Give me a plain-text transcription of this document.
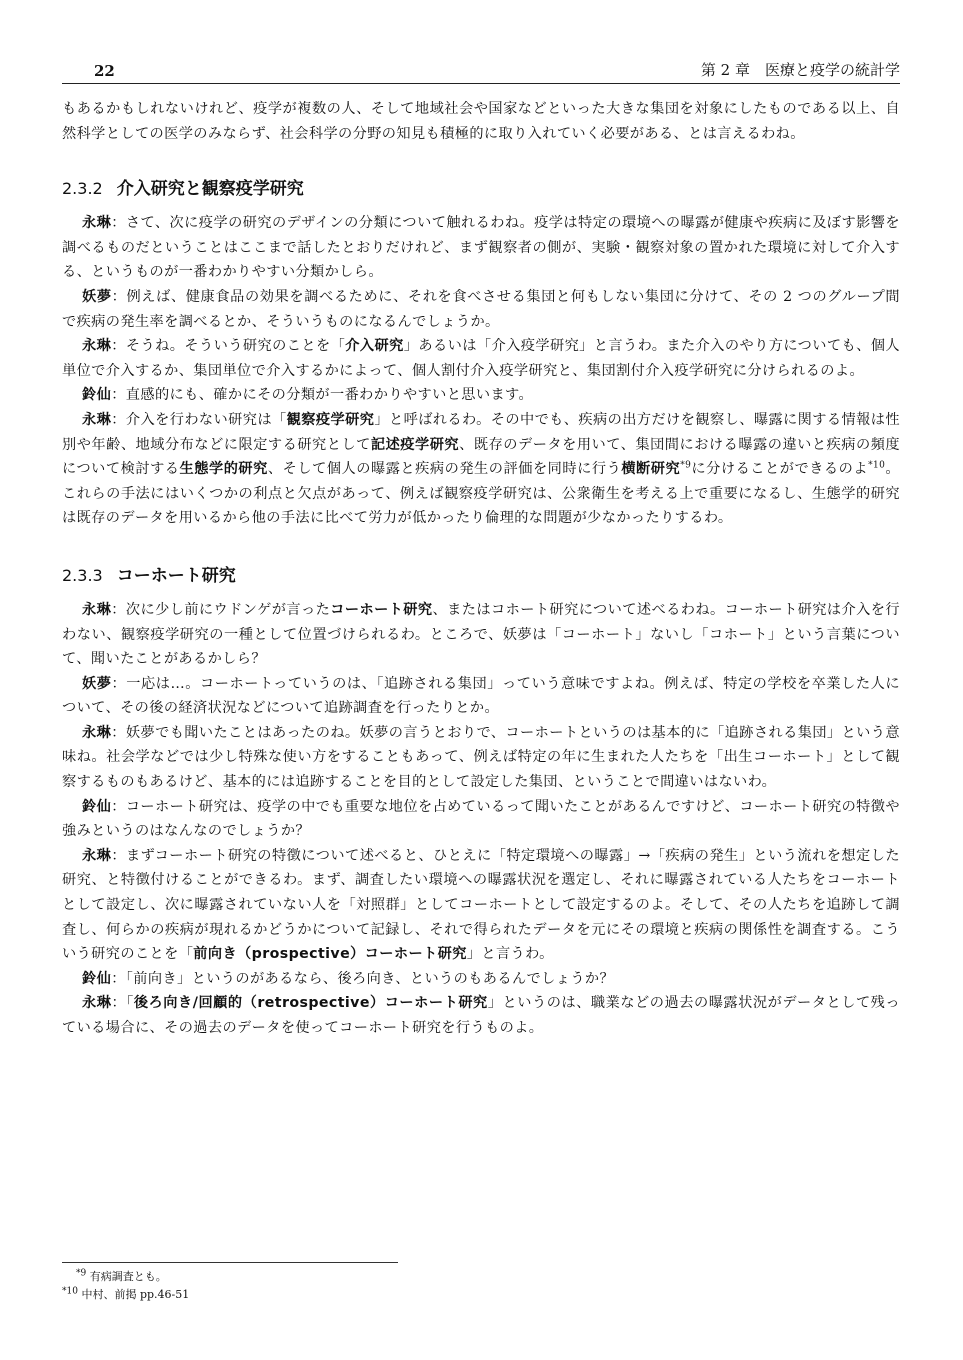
22	第 2 章　医療と疫学の統計学

もあるかもしれないけれど、疫学が複数の人、そして地域社会や国家などといった大きな集団を対象にしたものである以上、自然科学としての医学のみならず、社会科学の分野の知見も積極的に取り入れていく必要がある、とは言えるわね。

2.3.2 介入研究と観察疫学研究

永琳：さて、次に疫学の研究のデザインの分類について触れるわね。疫学は特定の環境への曝露が健康や疾病に及ぼす影響を調べるものだということはここまで話したとおりだけれど、まず観察者の側が、実験・観察対象の置かれた環境に対して介入する、というものが一番わかりやすい分類かしら。

妖夢：例えば、健康食品の効果を調べるために、それを食べさせる集団と何もしない集団に分けて、その 2 つのグループ間で疾病の発生率を調べるとか、そういうものになるんでしょうか。

永琳：そうね。そういう研究のことを「介入研究」あるいは「介入疫学研究」と言うわ。また介入のやり方についても、個人単位で介入するか、集団単位で介入するかによって、個人割付介入疫学研究と、集団割付介入疫学研究に分けられるのよ。

鈴仙：直感的にも、確かにその分類が一番わかりやすいと思います。

永琳：介入を行わない研究は「観察疫学研究」と呼ばれるわ。その中でも、疾病の出方だけを観察し、曝露に関する情報は性別や年齢、地域分布などに限定する研究として記述疫学研究、既存のデータを用いて、集団間における曝露の違いと疾病の頻度について検討する生態学的研究、そして個人の曝露と疾病の発生の評価を同時に行う横断研究$^{*9}$に分けることができるのよ$^{*10}$。これらの手法にはいくつかの利点と欠点があって、例えば観察疫学研究は、公衆衛生を考える上で重要になるし、生態学的研究は既存のデータを用いるから他の手法に比べて労力が低かったり倫理的な問題が少なかったりするわ。

2.3.3 コーホート研究

永琳：次に少し前にウドンゲが言ったコーホート研究、またはコホート研究について述べるわね。コーホート研究は介入を行わない、観察疫学研究の一種として位置づけられるわ。ところで、妖夢は「コーホート」ないし「コホート」という言葉について、聞いたことがあるかしら？

妖夢：一応は…。コーホートっていうのは、「追跡される集団」っていう意味ですよね。例えば、特定の学校を卒業した人について、その後の経済状況などについて追跡調査を行ったりとか。

永琳：妖夢でも聞いたことはあったのね。妖夢の言うとおりで、コーホートというのは基本的に「追跡される集団」という意味ね。社会学などでは少し特殊な使い方をすることもあって、例えば特定の年に生まれた人たちを「出生コーホート」として観察するものもあるけど、基本的には追跡することを目的として設定した集団、ということで間違いはないわ。

鈴仙：コーホート研究は、疫学の中でも重要な地位を占めているって聞いたことがあるんですけど、コーホート研究の特徴や強みというのはなんなのでしょうか？

永琳：まずコーホート研究の特徴について述べると、ひとえに「特定環境への曝露」→「疾病の発生」という流れを想定した研究、と特徴付けることができるわ。まず、調査したい環境への曝露状況を選定し、それに曝露されている人たちをコーホートとして設定し、次に曝露されていない人を「対照群」としてコーホートとして設定するのよ。そして、その人たちを追跡して調査し、何らかの疾病が現れるかどうかについて記録し、それで得られたデータを元にその環境と疾病の関係性を調査する。こういう研究のことを「前向き（prospective）コーホート研究」と言うわ。

鈴仙：「前向き」というのがあるなら、後ろ向き、というのもあるんでしょうか？

永琳：「後ろ向き/回顧的（retrospective）コーホート研究」というのは、職業などの過去の曝露状況がデータとして残っている場合に、その過去のデータを使ってコーホート研究を行うものよ。

$^{*9}$ 有病調査とも。
$^{*10}$ 中村、前掲 pp.46-51
